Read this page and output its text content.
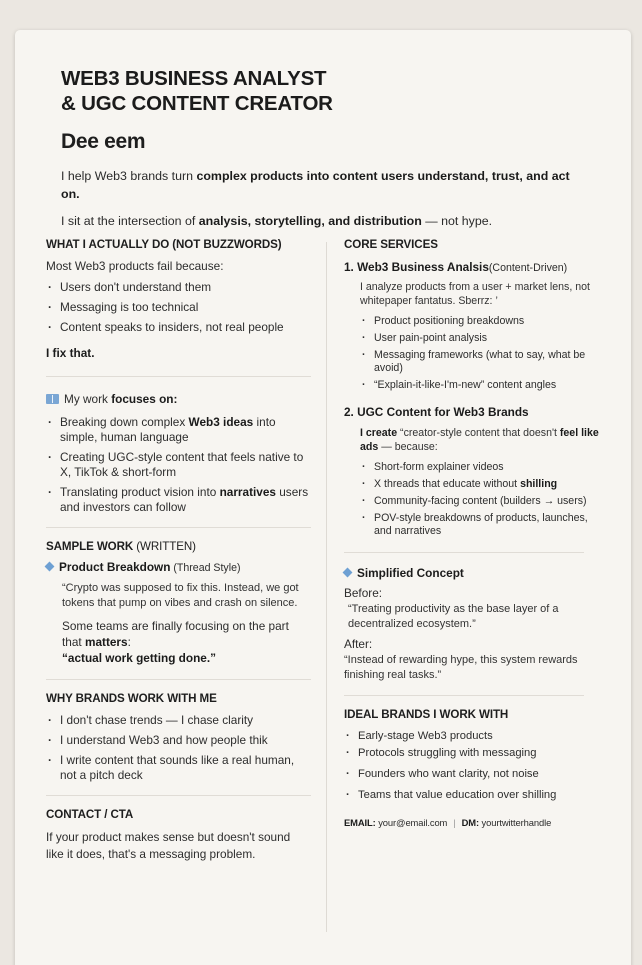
WEB3 BUSINESS ANALYST
& UGC CONTENT CREATOR
Dee eem
I help Web3 brands turn complex products into content users understand, trust, and act on.
I sit at the intersection of analysis, storytelling, and distribution — not hype.
WHAT I ACTUALLY DO (NOT BUZZWORDS)
Most Web3 products fail because:
· Users don't understand them
· Messaging is too technical
· Content speaks to insiders, not real people
I fix that.
My work focuses on:
· Breaking down complex Web3 ideas into simple, human language
· Creating UGC-style content that feels native to X, TikTok & short-form
· Translating product vision into narratives users and investors can follow
SAMPLE WORK (WRITTEN)
Product Breakdown (Thread Style)
“Crypto was supposed to fix this. Instead, we got tokens that pump on vibes and crash on silence.
Some teams are finally focusing on the part that matters:
“actual work getting done.”
WHY BRANDS WORK WITH ME
· I don't chase trends — I chase clarity
· I understand Web3 and how people thik
· I write content that sounds like a real human, not a pitch deck
CONTACT / CTA
If your product makes sense but doesn't sound like it does, that's a messaging problem.
CORE SERVICES
1. Web3 Business Analsis(Content-Driven)
I analyze products from a user + market lens, not whitepaper fantatus. Sberrz: ’
· Product positioning breakdowns
· User pain-point analysis
· Messaging frameworks (what to say, what be avoid)
· “Explain-it-like-I'm-new” content angles
2. UGC Content for Web3 Brands
I create “creator-style content that doesn't feel like ads — because:
· Short-form explainer videos
· X threads that educate without shilling
· Community-facing content (builders → users)
· POV-style breakdowns of products, launches, and narratives
Simplified Concept
Before:
“Treating productivity as the base layer of a decentralized ecosystem.”
After:
“Instead of rewarding hype, this system rewards finishing real tasks.”
IDEAL BRANDS I WORK WITH
· Early-stage Web3 products
· Protocols struggling with messaging
· Founders who want clarity, not noise
· Teams that value education over shilling
EMAIL: your@email.com | DM: yourtwitterhandle
